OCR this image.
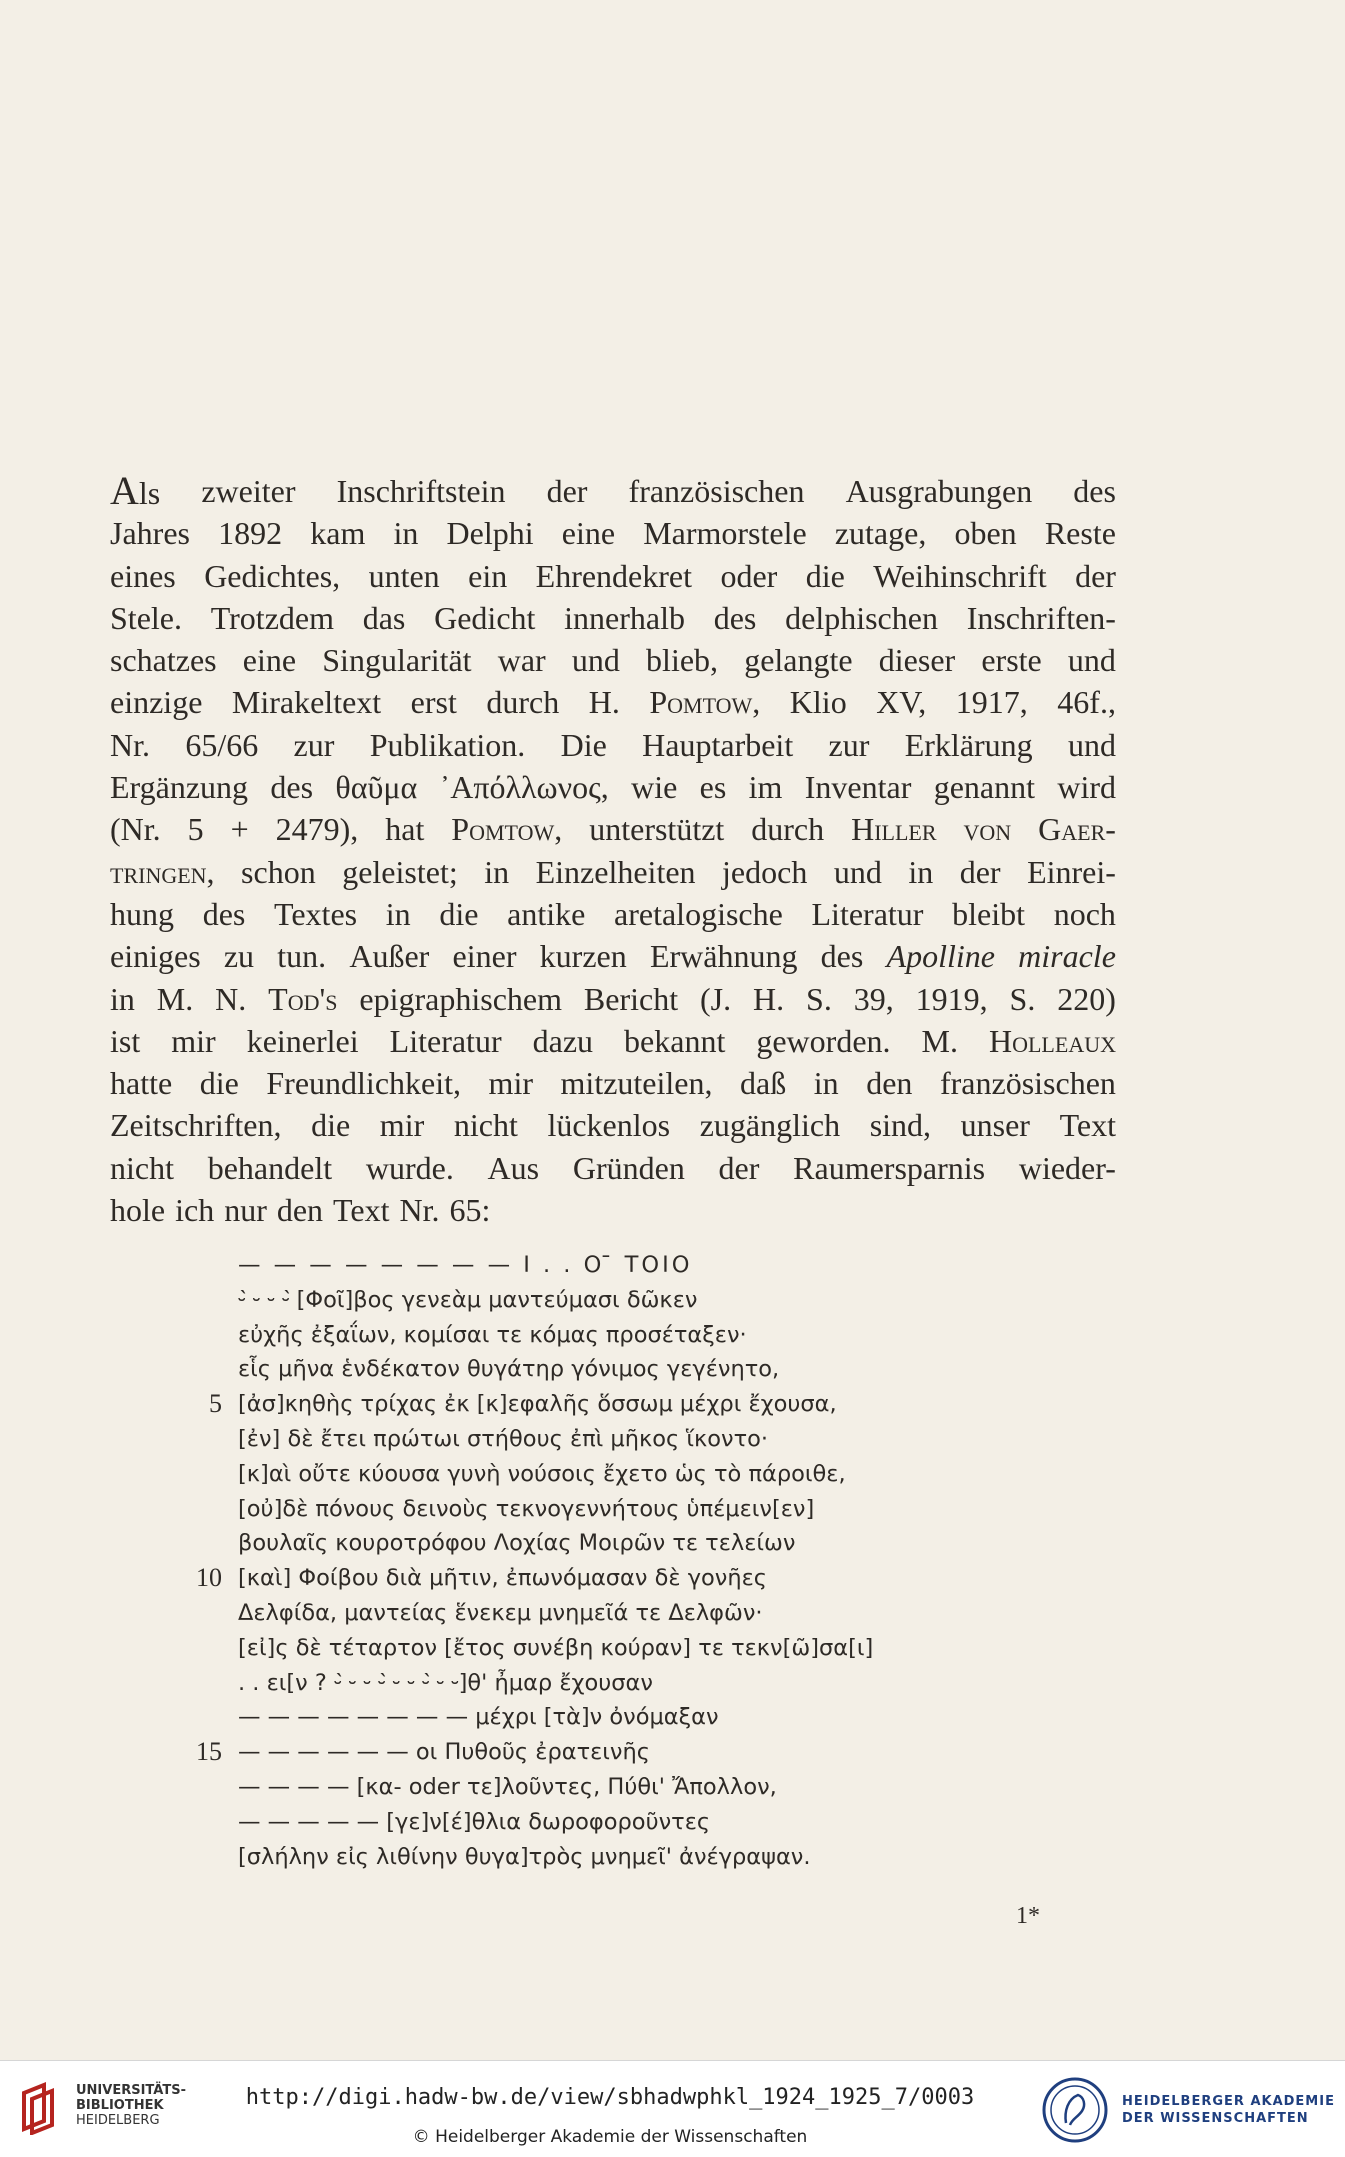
Als zweiter Inschriftstein der französischen Ausgrabungen des
Jahres 1892 kam in Delphi eine Marmorstele zutage, oben Reste
eines Gedichtes, unten ein Ehrendekret oder die Weihinschrift der
Stele. Trotzdem das Gedicht innerhalb des delphischen Inschriften-
schatzes eine Singularität war und blieb, gelangte dieser erste und
einzige Mirakeltext erst durch H. Pomtow, Klio XV, 1917, 46f.,
Nr. 65/66 zur Publikation. Die Hauptarbeit zur Erklärung und
Ergänzung des θαῦμα ᾿Απόλλωνος, wie es im Inventar genannt wird
(Nr. 5 + 2479), hat Pomtow, unterstützt durch Hiller von Gaer-
tringen, schon geleistet; in Einzelheiten jedoch und in der Einrei-
hung des Textes in die antike aretalogische Literatur bleibt noch
einiges zu tun. Außer einer kurzen Erwähnung des Apolline miracle
in M. N. Tod's epigraphischem Bericht (J. H. S. 39, 1919, S. 220)
ist mir keinerlei Literatur dazu bekannt geworden. M. Holleaux
hatte die Freundlichkeit, mir mitzuteilen, daß in den französischen
Zeitschriften, die mir nicht lückenlos zugänglich sind, unser Text
nicht behandelt wurde. Aus Gründen der Raumersparnis wieder-
hole ich nur den Text Nr. 65:
— — — — — — — — Ι . . Ο ̄ ΤΟΙΟ
⏑́ ⏑ ⏑ ⏑́ [Φοῖ]βος γενεὰμ μαντεύμασι δῶκεν
εὐχῆς ἐξαΐων, κομίσαι τε κόμας προσέταξεν·
εἷς μῆνα ἑνδέκατον θυγάτηρ γόνιμος γεγένητο,
5 [ἀσ]κηθὴς τρίχας ἐκ [κ]εφαλῆς ὅσσωμ μέχρι ἔχουσα,
[ἐν] δὲ ἔτει πρώτωι στήθους ἐπὶ μῆκος ἵκοντο·
[κ]αὶ οὔτε κύουσα γυνὴ νούσοις ἔχετο ὡς τὸ πάροιθε,
[οὐ]δὲ πόνους δεινοὺς τεκνογεννήτους ὑπέμειν[εν]
βουλαῖς κουροτρόφου Λοχίας Μοιρῶν τε τελείων
10 [καὶ] Φοίβου διὰ μῆτιν, ἐπωνόμασαν δὲ γονῆες
Δελφίδα, μαντείας ἕνεκεμ μνημεῖά τε Δελφῶν·
[εἰ]ς δὲ τέταρτον [ἔτος συνέβη κούραν] τε τεκν[ῶ]σα[ι]
. . ει[ν ? ⏑́ ⏑ ⏑ ⏑́ ⏑ ⏑ ⏑́ ⏑ ⏑]θ' ἦμαρ ἔχουσαν
— — — — — — — — μέχρι [τὰ]ν ὀνόμαξαν
15 — — — — — — οι Πυθοῦς ἐρατεινῆς
— — — — [κα- oder τε]λοῦντες, Πύθι' Ἄπολλον,
— — — — — [γε]ν[έ]θλια δωροφοροῦντες
[σλήλην εἰς λιθίνην θυγα]τρὸς μνημεῖ' ἀνέγραψαν.
1*
UNIVERSITÄTS-
BIBLIOTHEK
HEIDELBERG
http://digi.hadw-bw.de/view/sbhadwphkl_1924_1925_7/0003
© Heidelberger Akademie der Wissenschaften
HEIDELBERGER AKADEMIE
DER WISSENSCHAFTEN
